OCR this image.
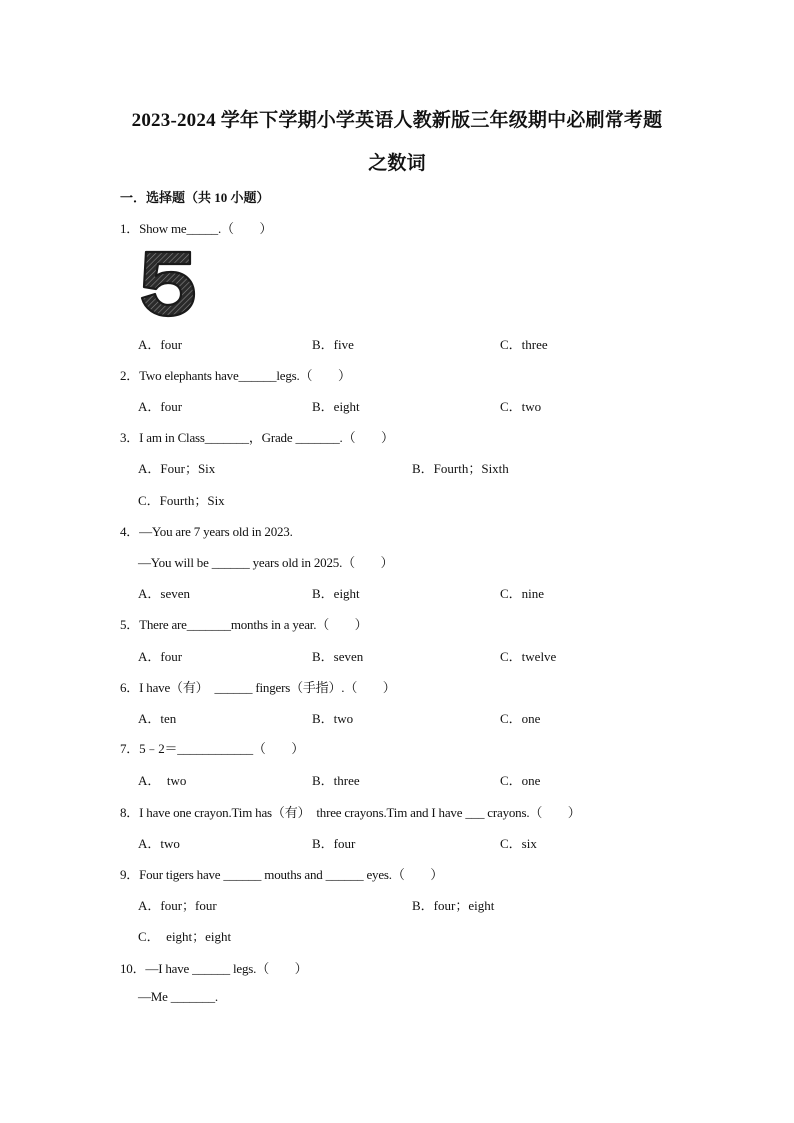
2023-2024 学年下学期小学英语人教新版三年级期中必刷常考题
之数词
一．选择题（共 10 小题）
1．Show me_____.（　　）
A．four	B．five	C．three
2．Two elephants have______legs.（　　）
A．four	B．eight	C．two
3．I am in Class_______，Grade _______.（　　）
A．Four；Six	B．Fourth；Sixth
C．Fourth；Six
4．—You are 7 years old in 2023.
—You will be ______ years old in 2025.（　　）
A．seven	B．eight	C．nine
5．There are_______months in a year.（　　）
A．four	B．seven	C．twelve
6．I have（有）  ______ fingers（手指）.（　　）
A．ten	B．two	C．one
7．5﹣2＝____________（　　）
A．  two	B．three	C．one
8．I have one crayon.Tim has（有）  three crayons.Tim and I have ___ crayons.（　　）
A．two	B．four	C．six
9．Four tigers have ______ mouths and ______ eyes.（　　）
A．four；four	B．four；eight
C．  eight；eight
10．—I have ______ legs.（　　）
—Me _______.
